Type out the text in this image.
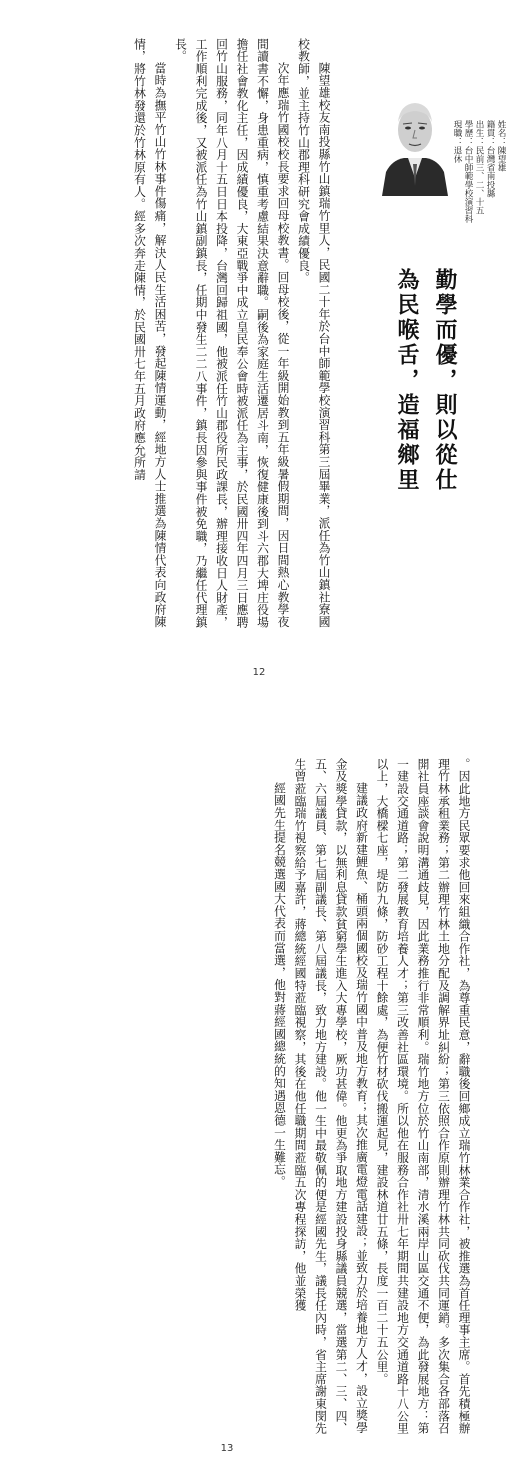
姓名：陳望雄
籍貫：台灣省南投縣
出生：民前三、二、十五
學歷：台中師範學校演習科
現職：退休
勤學而優，則以從仕
為民喉舌，造福鄉里

陳望雄校友南投縣竹山鎮瑞竹里人，民國二十年於台中師範學校演習科第三屆畢業，派任為竹山鎮社寮國校教師，並主持竹山郡理科研究會成績優良。

次年應瑞竹國校校長要求回母校教書。回母校後，從一年級開始教到五年級暑假期間，因日間熱心教學夜間讀書不懈，身患重病，慎重考慮結果決意辭職。嗣後為家庭生活遷居斗南，恢復健康後到斗六郡大埤庄役場擔任社會教化主任，因成績優良，大東亞戰爭中成立皇民奉公會時被派任為主事，於民國卅四年四月三日應聘回竹山服務，同年八月十五日日本投降，台灣回歸祖國，他被派任竹山郡役所民政課長，辦理接收日人財產，工作順利完成後，又被派任為竹山鎮副鎮長，任期中發生二二八事件，鎮長因參與事件被免職，乃繼任代理鎮長。

當時為撫平竹山竹林事件傷痛，解決人民生活困苦，發起陳情運動，經地方人士推選為陳情代表向政府陳情，將竹林發還於竹林原有人。經多次奔走陳情，於民國卅七年五月政府應允所請

12

。因此地方民眾要求他回來組織合作社，為尊重民意，辭職後回鄉成立瑞竹林業合作社，被推選為首任理事主席。首先積極辦理竹林承租業務；第二辦理竹林土地分配及調解界址糾紛；第三依照合作原則辦理竹林共同砍伐共同運銷。多次集合各部落召開社員座談會說明溝通歧見，因此業務推行非常順利。瑞竹地方位於竹山南部，清水溪兩岸山區交通不便，為此發展地方：第一建設交通道路；第二發展教育培養人才；第三改善社區環境。所以他在服務合作社卅七年期間共建設地方交通道路十八公里以上，大橋樑七座，堤防九條，防砂工程十餘處，為便竹材砍伐搬運起見，建設林道廿五條，長度一百二十五公里。

建議政府新建鯉魚、桶頭兩個國校及瑞竹國中普及地方教育；其次推廣電燈電話建設；並致力於培養地方人才，設立獎學金及獎學貸款，以無利息貸款貧窮學生進入大專學校，厥功甚偉。他更為爭取地方建設投身縣議員競選，當選第二、三、四、五、六屆議員、第七屆副議長、第八屆議長，致力地方建設。他一生中最敬佩的便是經國先生，議長任內時，省主席謝東閔先生曾蒞臨瑞竹視察給予嘉許，蔣總統經國特蒞臨視察，其後在他任職期間蒞臨五次專程探訪，他並榮獲

經國先生提名競選國大代表而當選，他對蔣經國總統的知遇恩德一生難忘。

13
